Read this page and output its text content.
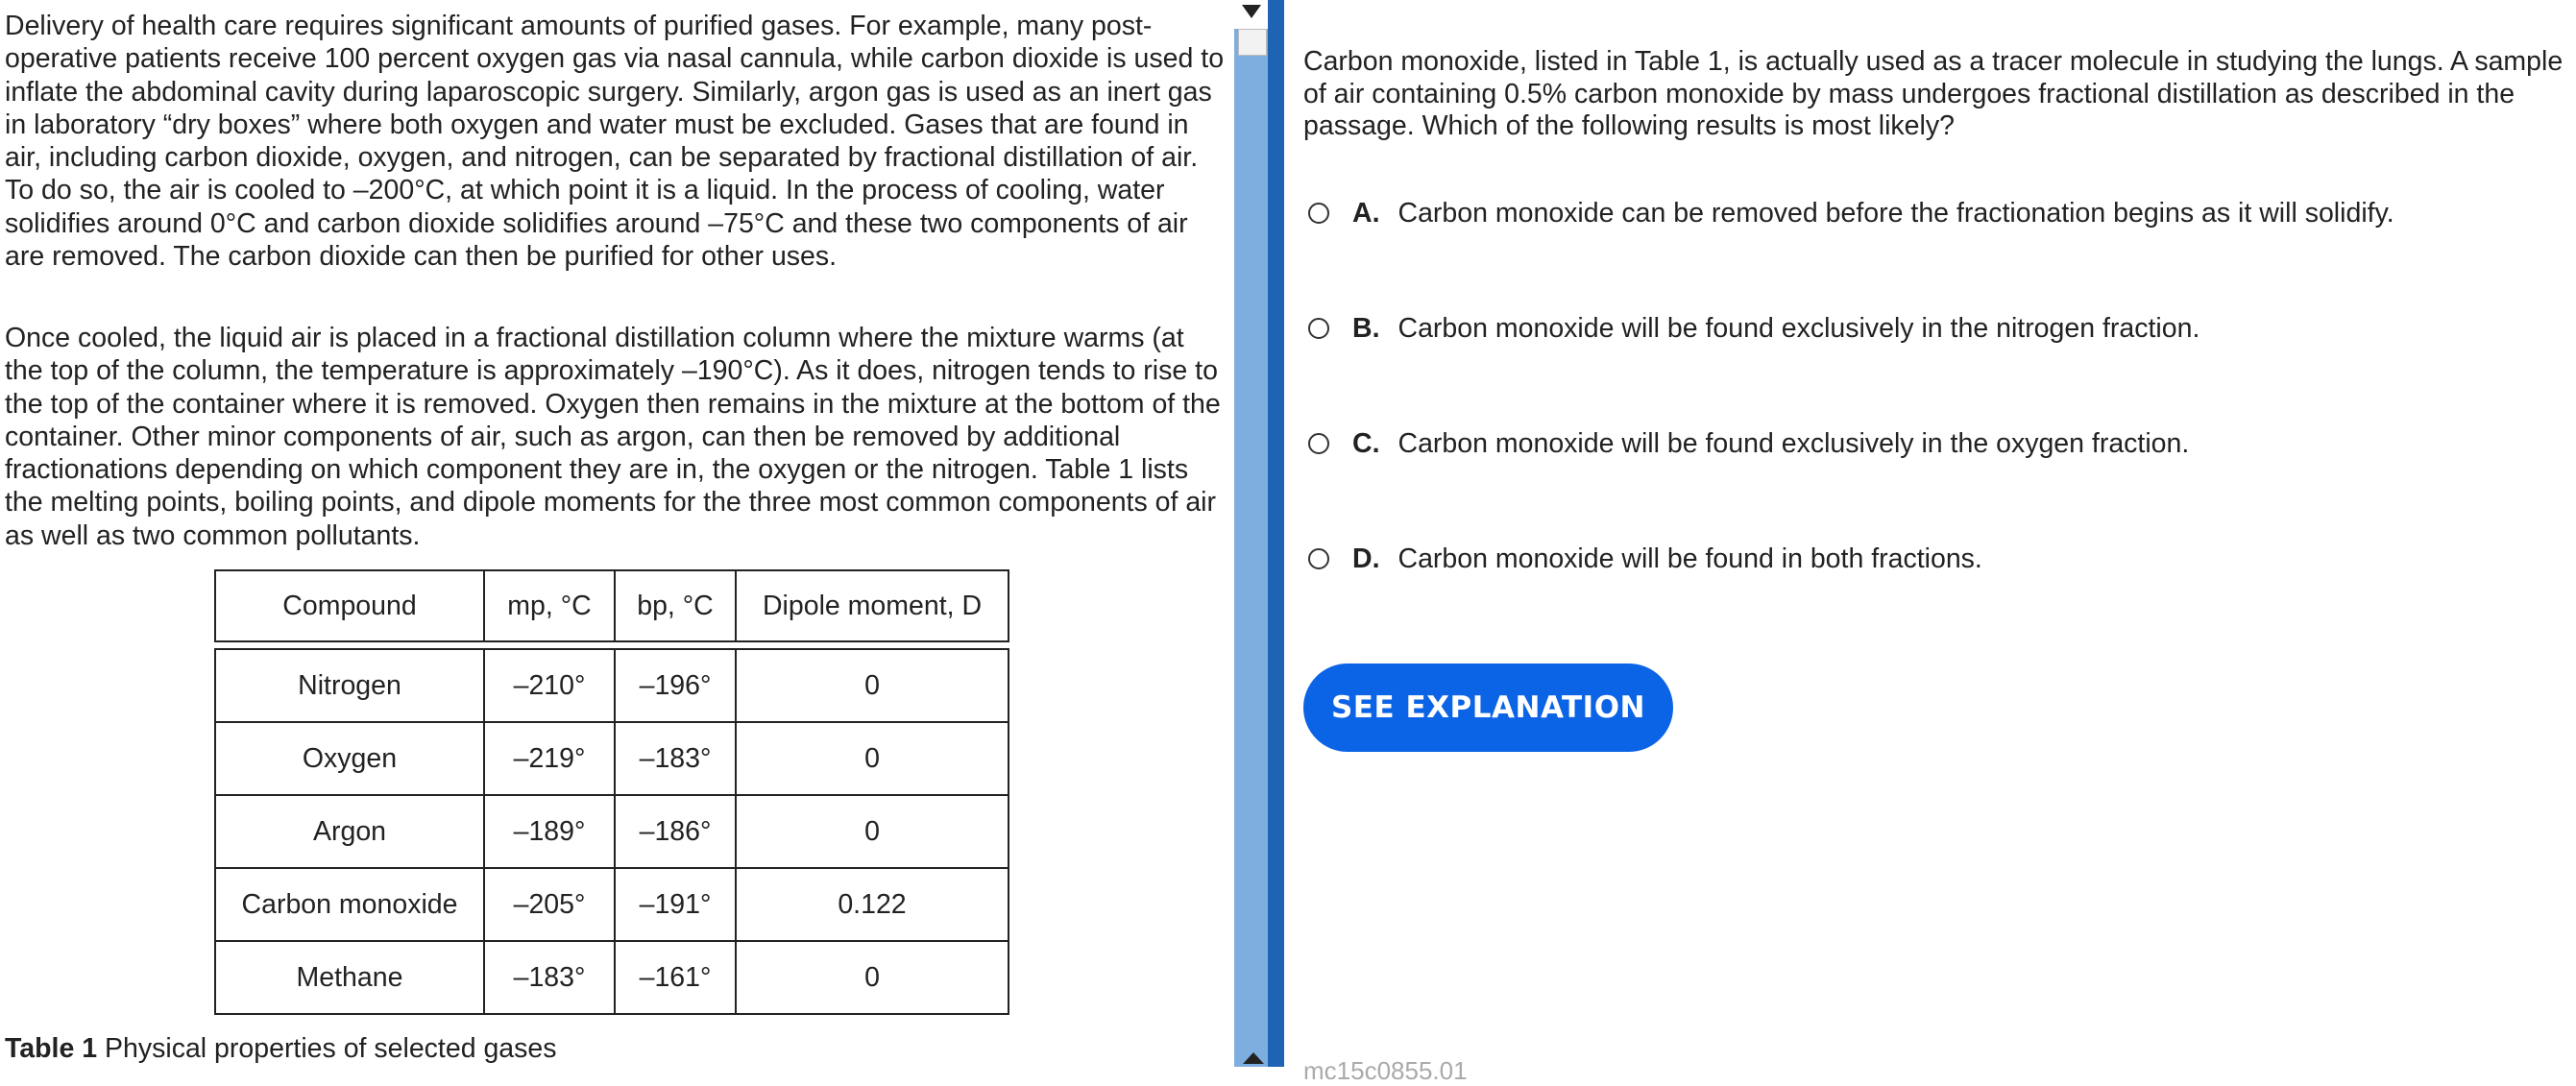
Delivery of health care requires significant amounts of purified gases. For example, many post-operative patients receive 100 percent oxygen gas via nasal cannula, while carbon dioxide is used to inflate the abdominal cavity during laparoscopic surgery. Similarly, argon gas is used as an inert gas in laboratory “dry boxes” where both oxygen and water must be excluded. Gases that are found in air, including carbon dioxide, oxygen, and nitrogen, can be separated by fractional distillation of air. To do so, the air is cooled to –200°C, at which point it is a liquid. In the process of cooling, water solidifies around 0°C and carbon dioxide solidifies around –75°C and these two components of air are removed. The carbon dioxide can then be purified for other uses.

Once cooled, the liquid air is placed in a fractional distillation column where the mixture warms (at the top of the column, the temperature is approximately –190°C). As it does, nitrogen tends to rise to the top of the container where it is removed. Oxygen then remains in the mixture at the bottom of the container. Other minor components of air, such as argon, can then be removed by additional fractionations depending on which component they are in, the oxygen or the nitrogen. Table 1 lists the melting points, boiling points, and dipole moments for the three most common components of air as well as two common pollutants.

Compound	mp, °C	bp, °C	Dipole moment, D

Nitrogen	–210°	–196°	0
Oxygen	–219°	–183°	0
Argon	–189°	–186°	0
Carbon monoxide	–205°	–191°	0.122
Methane	–183°	–161°	0
Table 1 Physical properties of selected gases

Carbon monoxide, listed in Table 1, is actually used as a tracer molecule in studying the lungs. A sample of air containing 0.5% carbon monoxide by mass undergoes fractional distillation as described in the passage. Which of the following results is most likely?

A. Carbon monoxide can be removed before the fractionation begins as it will solidify.
B. Carbon monoxide will be found exclusively in the nitrogen fraction.
C. Carbon monoxide will be found exclusively in the oxygen fraction.
D. Carbon monoxide will be found in both fractions.
SEE EXPLANATION
mc15c0855.01
